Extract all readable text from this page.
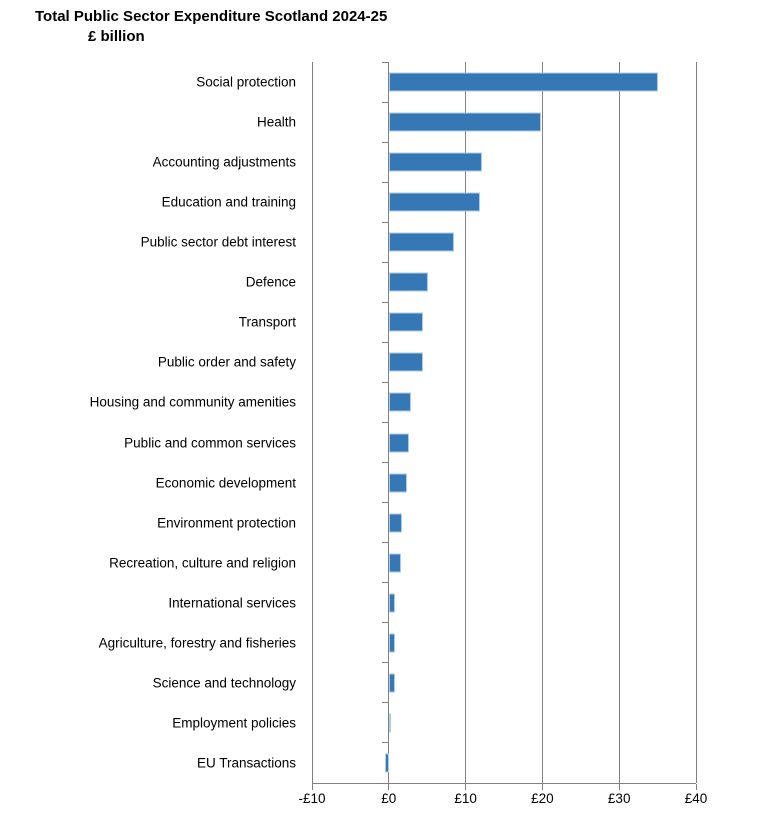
Total Public Sector Expenditure Scotland 2024-25
£ billion
Social protection
Health
Accounting adjustments
Education and training
Public sector debt interest
Defence
Transport
Public order and safety
Housing and community amenities
Public and common services
Economic development
Environment protection
Recreation, culture and religion
International services
Agriculture, forestry and fisheries
Science and technology
Employment policies
EU Transactions
-£10	£0	£10	£20	£30	£40
